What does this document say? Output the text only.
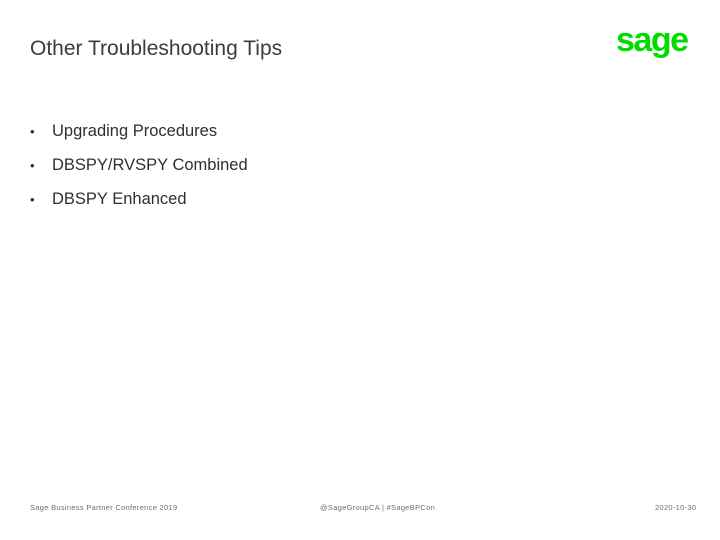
Other Troubleshooting Tips	sage
•	Upgrading Procedures
•	DBSPY/RVSPY Combined
•	DBSPY Enhanced
Sage Business Partner Conference 2019	@SageGroupCA | #SageBPCon	2020-10-30
